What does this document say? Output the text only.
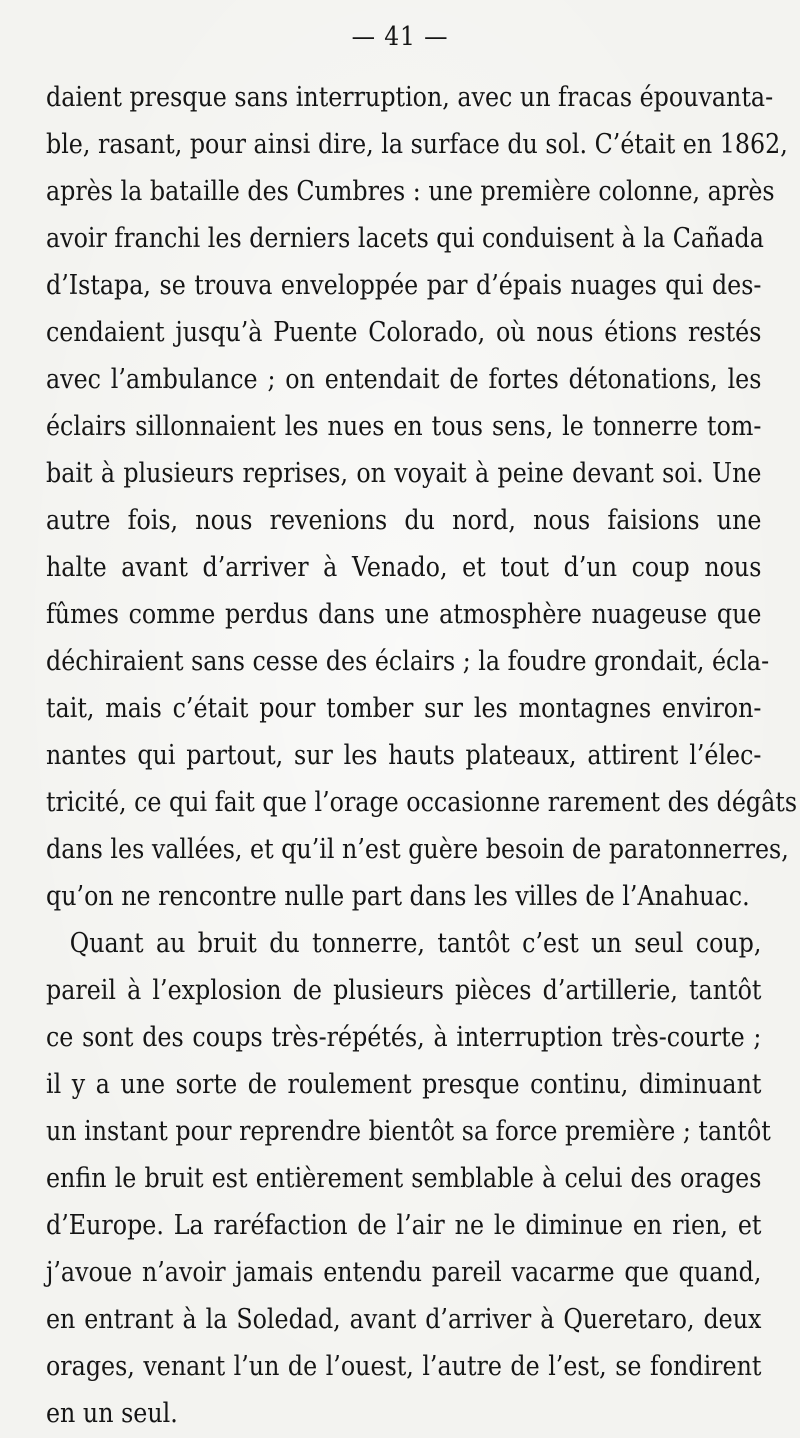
— 41 —
daient presque sans interruption, avec un fracas épouvanta-
ble, rasant, pour ainsi dire, la surface du sol. C’était en 1862,
après la bataille des Cumbres : une première colonne, après
avoir franchi les derniers lacets qui conduisent à la Cañada
d’Istapa, se trouva enveloppée par d’épais nuages qui des-
cendaient jusqu’à Puente Colorado, où nous étions restés
avec l’ambulance ; on entendait de fortes détonations, les
éclairs sillonnaient les nues en tous sens, le tonnerre tom-
bait à plusieurs reprises, on voyait à peine devant soi. Une
autre fois, nous revenions du nord, nous faisions une
halte avant d’arriver à Venado, et tout d’un coup nous
fûmes comme perdus dans une atmosphère nuageuse que
déchiraient sans cesse des éclairs ; la foudre grondait, écla-
tait, mais c’était pour tomber sur les montagnes environ-
nantes qui partout, sur les hauts plateaux, attirent l’élec-
tricité, ce qui fait que l’orage occasionne rarement des dégâts
dans les vallées, et qu’il n’est guère besoin de paratonnerres,
qu’on ne rencontre nulle part dans les villes de l’Anahuac.
Quant au bruit du tonnerre, tantôt c’est un seul coup,
pareil à l’explosion de plusieurs pièces d’artillerie, tantôt
ce sont des coups très-répétés, à interruption très-courte ;
il y a une sorte de roulement presque continu, diminuant
un instant pour reprendre bientôt sa force première ; tantôt
enfin le bruit est entièrement semblable à celui des orages
d’Europe. La raréfaction de l’air ne le diminue en rien, et
j’avoue n’avoir jamais entendu pareil vacarme que quand,
en entrant à la Soledad, avant d’arriver à Queretaro, deux
orages, venant l’un de l’ouest, l’autre de l’est, se fondirent
en un seul.
